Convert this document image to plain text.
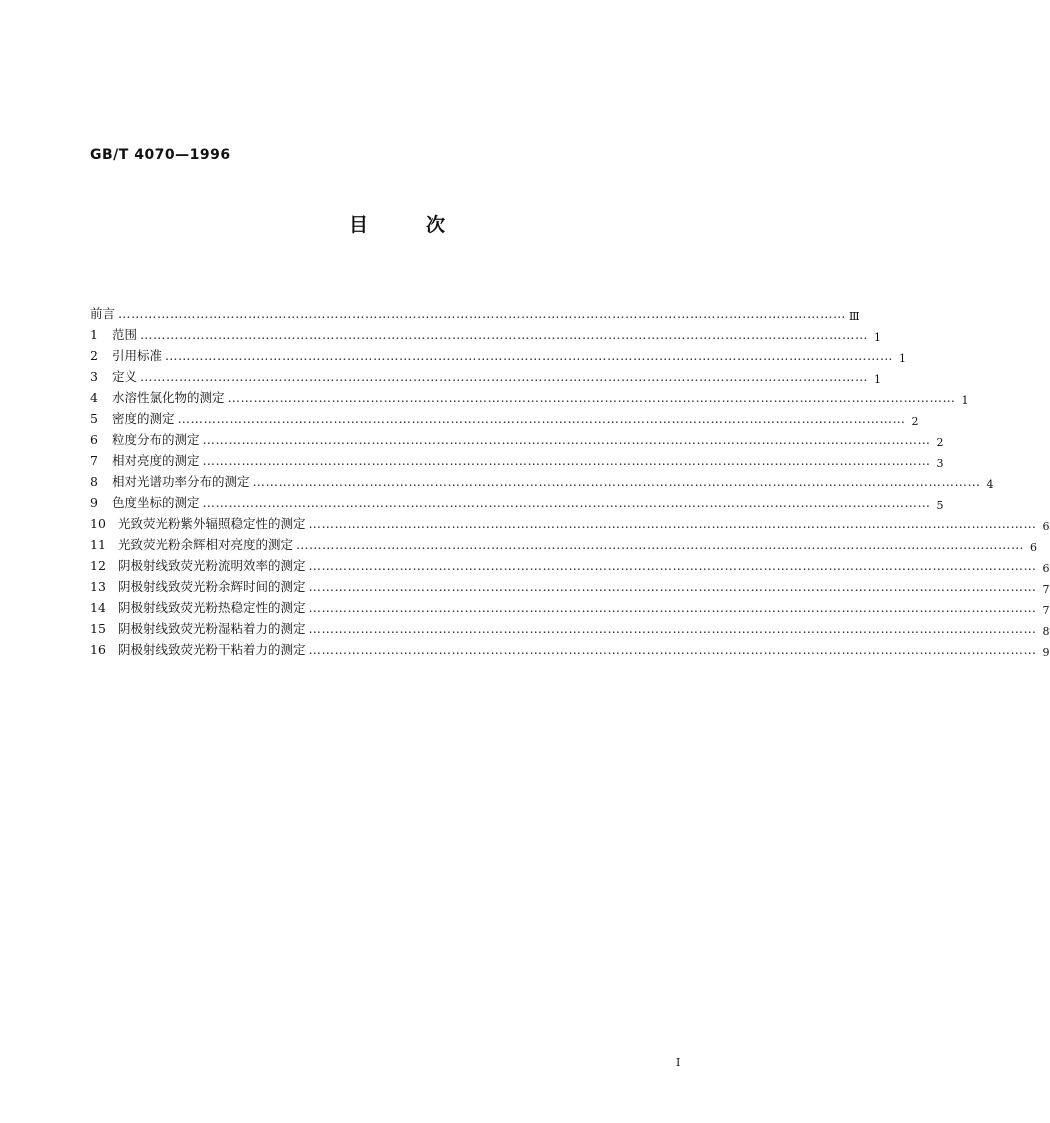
GB/T 4070—1996
目	次
前言 …………………………………………………………………………………………………………………………………………………… Ⅲ
1	范围 …………………………………………………………………………………………………………………………………………………… 1
2	引用标准 …………………………………………………………………………………………………………………………………………………… 1
3	定义 …………………………………………………………………………………………………………………………………………………… 1
4	水溶性氯化物的测定 …………………………………………………………………………………………………………………………………………………… 1
5	密度的测定 …………………………………………………………………………………………………………………………………………………… 2
6	粒度分布的测定 …………………………………………………………………………………………………………………………………………………… 2
7	相对亮度的测定 …………………………………………………………………………………………………………………………………………………… 3
8	相对光谱功率分布的测定 …………………………………………………………………………………………………………………………………………………… 4
9	色度坐标的测定 …………………………………………………………………………………………………………………………………………………… 5
10 光致荧光粉紫外辐照稳定性的测定 …………………………………………………………………………………………………………………………………………………… 6
11 光致荧光粉余辉相对亮度的测定 …………………………………………………………………………………………………………………………………………………… 6
12 阴极射线致荧光粉流明效率的测定 …………………………………………………………………………………………………………………………………………………… 6
13 阴极射线致荧光粉余辉时间的测定 …………………………………………………………………………………………………………………………………………………… 7
14 阴极射线致荧光粉热稳定性的测定 …………………………………………………………………………………………………………………………………………………… 7
15 阴极射线致荧光粉湿粘着力的测定 …………………………………………………………………………………………………………………………………………………… 8
16 阴极射线致荧光粉干粘着力的测定 …………………………………………………………………………………………………………………………………………………… 9
Ⅰ
